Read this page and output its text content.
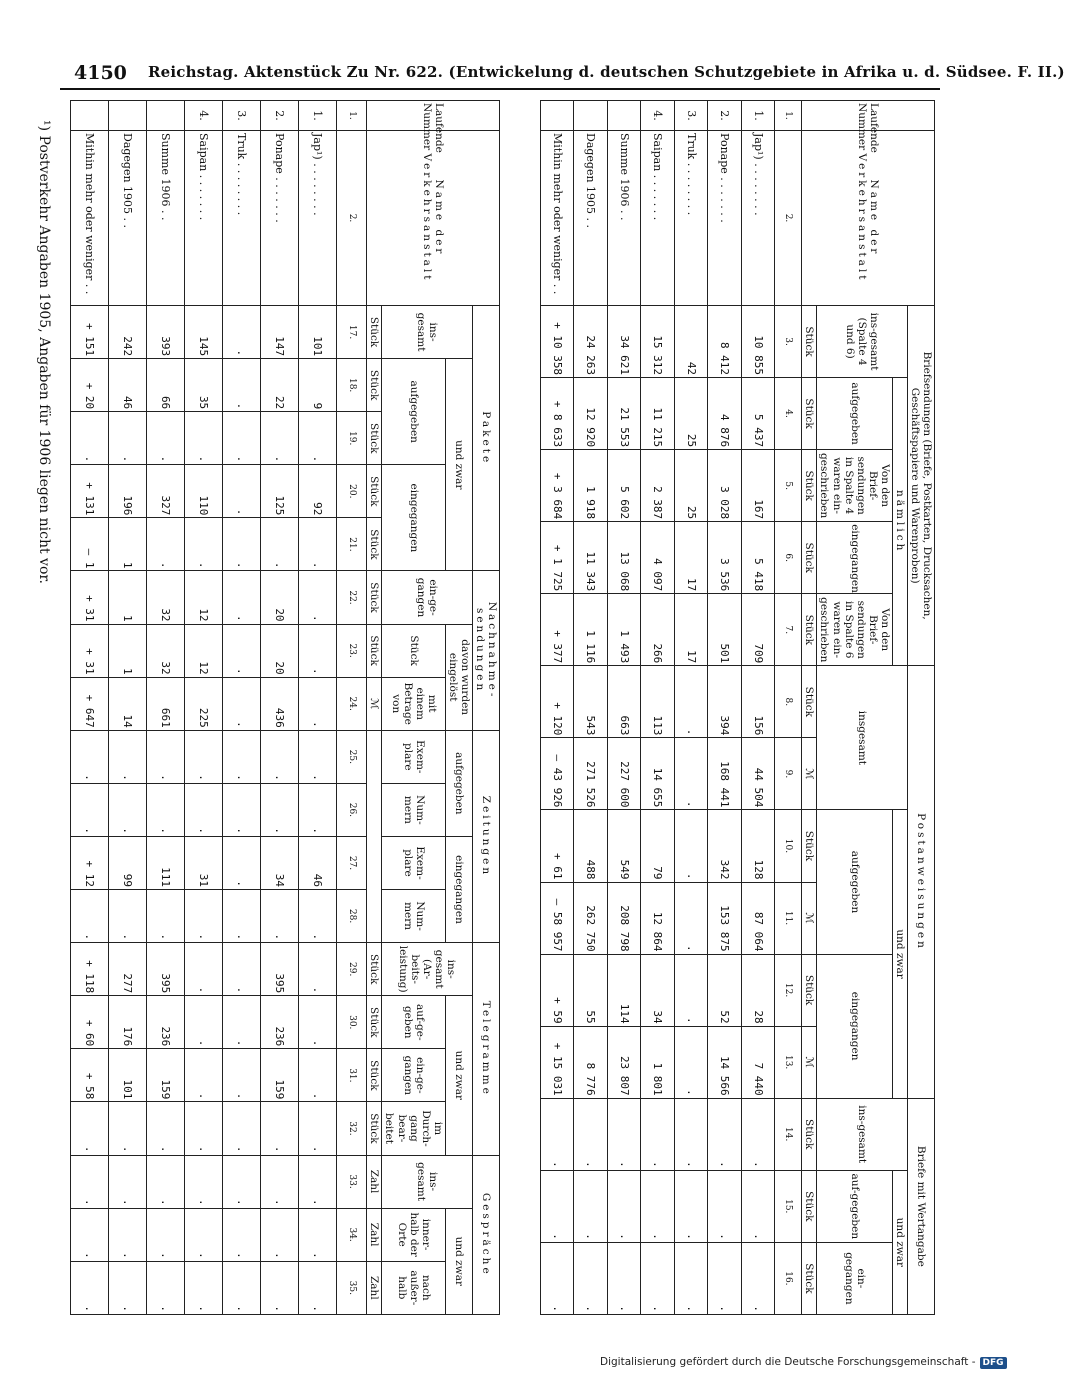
4150 Reichstag. Aktenstück Zu Nr. 622. (Entwickelung d. deutschen Schutzgebiete in Afrika u. d. Südsee. F. II.)
Laufende Nummer	Name der Verkehrsanstalt	Briefsendungen (Briefe, Postkarten, Drucksachen, Geschäftspapiere und Warenproben)					Postanweisungen						Briefe mit Wertangabe		
		ins-gesamt (Spalte 4 und 6)	nämlich				insgesamt		und zwar				ins-gesamt	und zwar	
			aufgegeben	Von den Brief-sendungen in Spalte 4 waren ein-geschrieben	eingegangen	Von den Brief-sendungen in Spalte 6 waren ein-geschrieben			aufgegeben		eingegangen			auf-gegeben	ein-gegangen
		Stück	Stück	Stück	Stück	Stück	Stück	ℳ	Stück	ℳ	Stück	ℳ	Stück	Stück	Stück
1.	2.	3.	4.	5.	6.	7.	8.	9.	10.	11.	12.	13.	14.	15.	16.
1.	Jap¹) . . . . . . . .	10 855	5 437	167	5 418	709	156	44 504	128	87 064	28	7 440	.	.	.
2.	Ponape . . . . . . .	8 412	4 876	3 028	3 536	501	394	168 441	342	153 875	52	14 566	.	.	.
3.	Truk . . . . . . . .	42	25	25	17	17	.	.	.	.	.	.	.	.	.
4.	Saipan . . . . . . .	15 312	11 215	2 387	4 097	266	113	14 655	79	12 864	34	1 801	.	.	.
	Summe 1906 . .	34 621	21 553	5 602	13 068	1 493	663	227 600	549	208 798	114	23 807	.	.	.
	Dagegen 1905 . .	24 263	12 920	1 918	11 343	1 116	543	271 526	488	262 750	55	8 776	.	.	.
	Mithin mehr oder weniger . .	+ 10 358	+ 8 633	+ 3 684	+ 1 725	+ 377	+ 120	— 43 926	+ 61	— 58 957	+ 59	+ 15 031	.	.	.
Laufende Nummer	Name der Verkehrsanstalt	Pakete					Nachnahme-sendungen			Zeitungen				Telegramme				Gespräche		
		ins-gesamt	und zwar				ein-ge-gangen	davon wurden eingelöst		aufgegeben		eingegangen		ins-gesamt (Ar-beits-leistung)	und zwar			ins-gesamt	und zwar	
			aufgegeben		eingegangen			Stück	mit einem Betrage von	Exem-plare	Num-mern	Exem-plare	Num-mern		auf-ge-geben	ein-ge-gangen	im Durch-gang bear-beitet		inner-halb der Orte	nach außer-halb
		Stück	Stück	Stück	Stück	Stück	Stück	Stück	ℳ					Stück	Stück	Stück	Stück	Zahl	Zahl	Zahl
1.	2.	17.	18.	19.	20.	21.	22.	23.	24.	25.	26.	27.	28.	29.	30.	31.	32.	33.	34.	35.
1.	Jap¹) . . . . . . . .	101	9	.	92	.	.	.	.	.	.	46	.	.	.	.	.	.	.	.
2.	Ponape . . . . . . .	147	22	.	125	.	20	20	436	.	.	34	.	395	236	159	.	.	.	.
3.	Truk . . . . . . . .	.	.	.	.	.	.	.	.	.	.	.	.	.	.	.	.	.	.	.
4.	Saipan . . . . . . .	145	35	.	110	.	12	12	225	.	.	31	.	.	.	.	.	.	.	.
	Summe 1906 . .	393	66	.	327	.	32	32	661	.	.	111	.	395	236	159	.	.	.	.
	Dagegen 1905 . .	242	46	.	196	1	1	1	14	.	.	99	.	277	176	101	.	.	.	.
	Mithin mehr oder weniger . .	+ 151	+ 20	.	+ 131	— 1	+ 31	+ 31	+ 647	.	.	+ 12	.	+ 118	+ 60	+ 58	.	.	.	.
¹) Postverkehr Angaben 1905, Angaben für 1906 liegen nicht vor.
Digitalisierung gefördert durch die Deutsche Forschungsgemeinschaft - DFG
